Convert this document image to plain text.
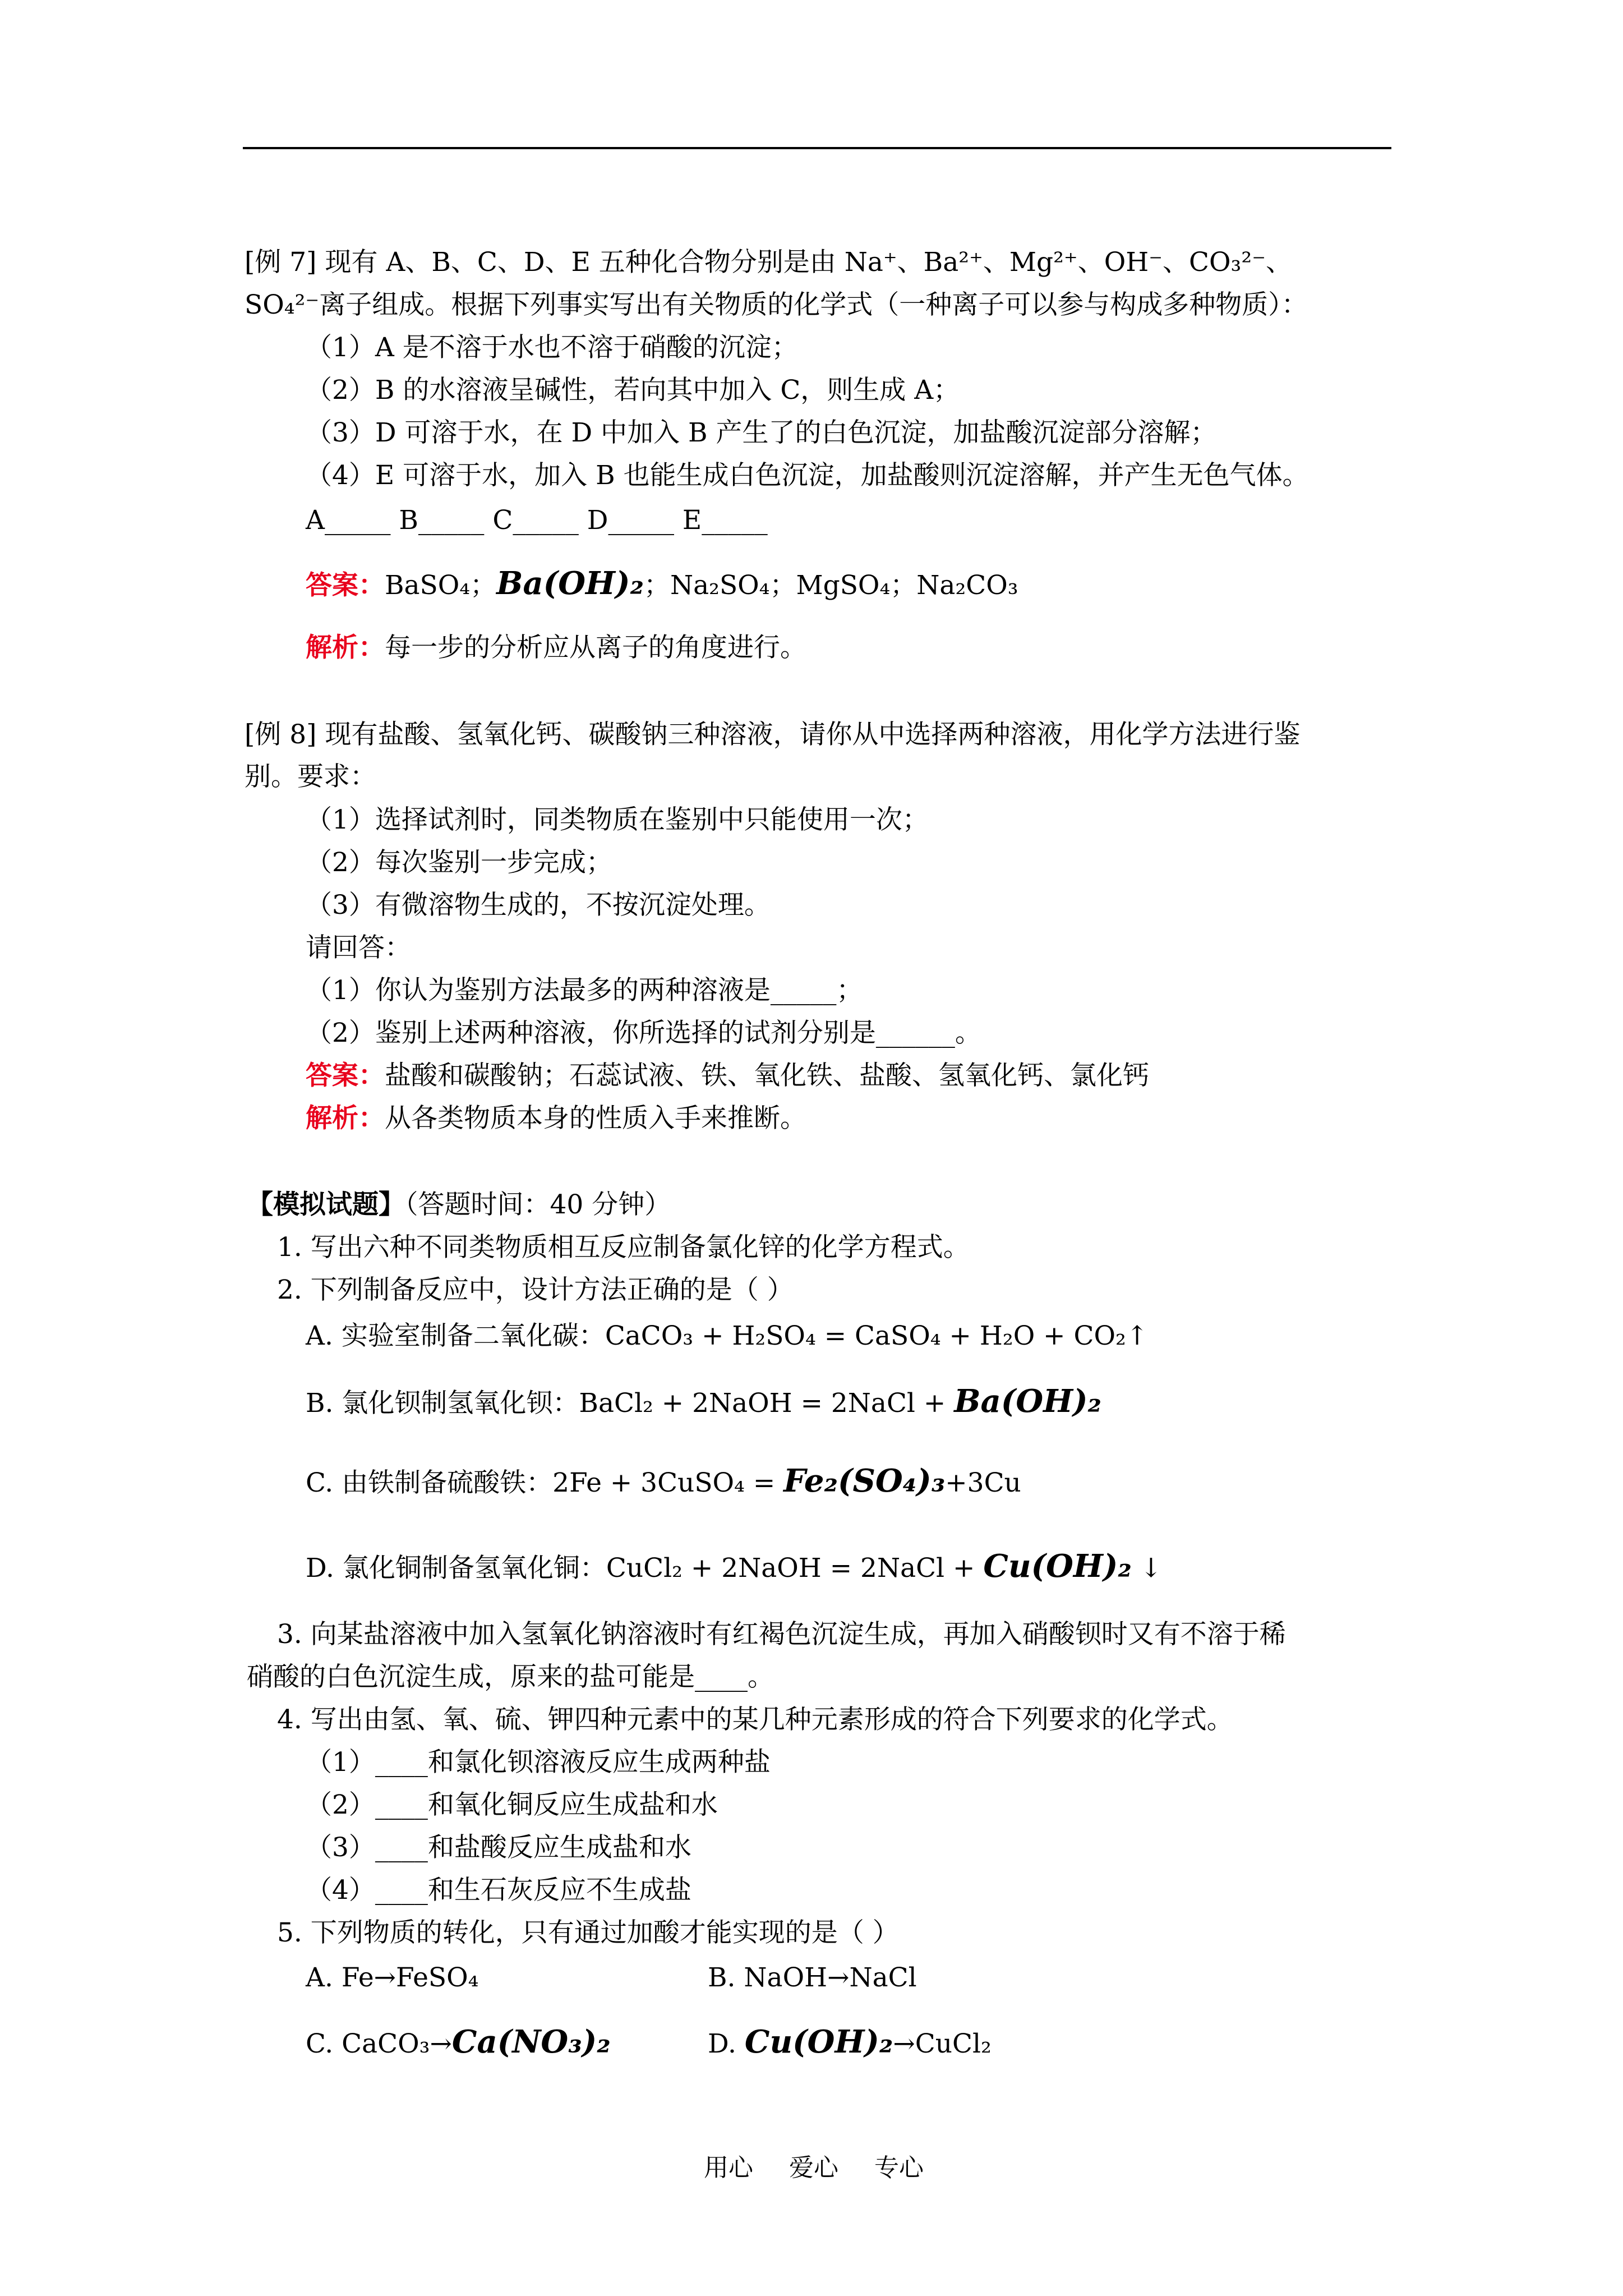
[例 7] 现有 A、B、C、D、E 五种化合物分别是由 Na⁺、Ba²⁺、Mg²⁺、OH⁻、CO₃²⁻、
SO₄²⁻离子组成。根据下列事实写出有关物质的化学式（一种离子可以参与构成多种物质）：
（1）A 是不溶于水也不溶于硝酸的沉淀；
（2）B 的水溶液呈碱性，若向其中加入 C，则生成 A；
（3）D 可溶于水，在 D 中加入 B 产生了的白色沉淀，加盐酸沉淀部分溶解；
（4）E 可溶于水，加入 B 也能生成白色沉淀，加盐酸则沉淀溶解，并产生无色气体。
A_____ B_____ C_____ D_____ E_____
答案：BaSO₄；Ba(OH)₂；Na₂SO₄；MgSO₄；Na₂CO₃
解析：每一步的分析应从离子的角度进行。
[例 8] 现有盐酸、氢氧化钙、碳酸钠三种溶液，请你从中选择两种溶液，用化学方法进行鉴
别。要求：
（1）选择试剂时，同类物质在鉴别中只能使用一次；
（2）每次鉴别一步完成；
（3）有微溶物生成的，不按沉淀处理。
请回答：
（1）你认为鉴别方法最多的两种溶液是_____；
（2）鉴别上述两种溶液，你所选择的试剂分别是______。
答案：盐酸和碳酸钠；石蕊试液、铁、氧化铁、盐酸、氢氧化钙、氯化钙
解析：从各类物质本身的性质入手来推断。
【模拟试题】（答题时间：40 分钟）
1. 写出六种不同类物质相互反应制备氯化锌的化学方程式。
2. 下列制备反应中，设计方法正确的是（ ）
A. 实验室制备二氧化碳：CaCO₃ + H₂SO₄ = CaSO₄ + H₂O + CO₂↑
B. 氯化钡制氢氧化钡：BaCl₂ + 2NaOH = 2NaCl + Ba(OH)₂
C. 由铁制备硫酸铁：2Fe + 3CuSO₄ = Fe₂(SO₄)₃+3Cu
D. 氯化铜制备氢氧化铜：CuCl₂ + 2NaOH = 2NaCl + Cu(OH)₂ ↓
3. 向某盐溶液中加入氢氧化钠溶液时有红褐色沉淀生成，再加入硝酸钡时又有不溶于稀
硝酸的白色沉淀生成，原来的盐可能是____。
4. 写出由氢、氧、硫、钾四种元素中的某几种元素形成的符合下列要求的化学式。
（1）____和氯化钡溶液反应生成两种盐
（2）____和氧化铜反应生成盐和水
（3）____和盐酸反应生成盐和水
（4）____和生石灰反应不生成盐
5. 下列物质的转化，只有通过加酸才能实现的是（ ）
A. Fe→FeSO₄	B. NaOH→NaCl
C. CaCO₃→Ca(NO₃)₂	D. Cu(OH)₂→CuCl₂
用心 爱心 专心
